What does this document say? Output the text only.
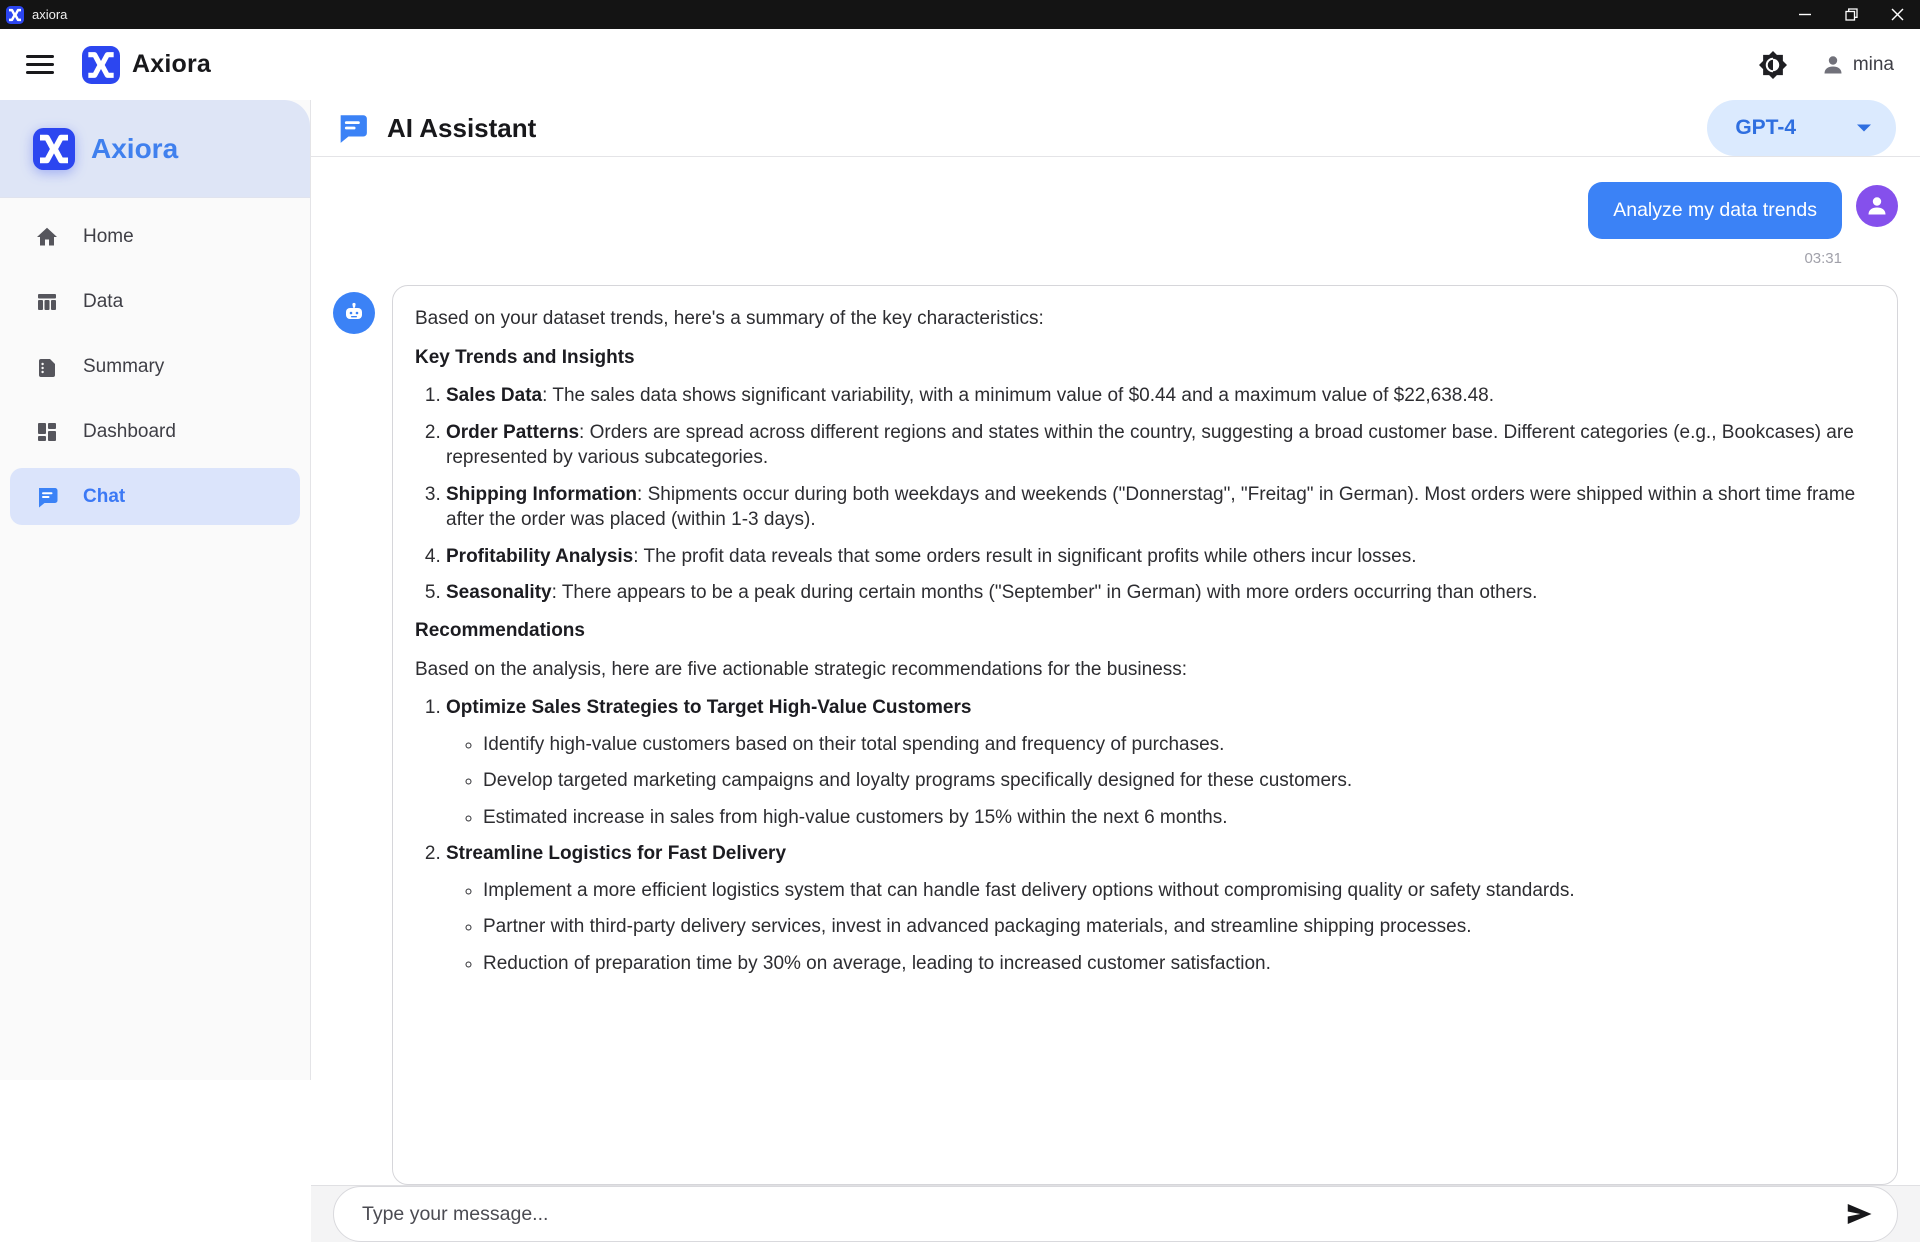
axiora
Axiora	mina
Axiora
Home
Data
Summary
Dashboard
Chat
AI Assistant	GPT-4
Analyze my data trends
03:31

Based on your dataset trends, here's a summary of the key characteristics:

Key Trends and Insights

1. Sales Data: The sales data shows significant variability, with a minimum value of $0.44 and a maximum value of $22,638.48.
2. Order Patterns: Orders are spread across different regions and states within the country, suggesting a broad customer base. Different categories (e.g., Bookcases) are represented by various subcategories.
3. Shipping Information: Shipments occur during both weekdays and weekends ("Donnerstag", "Freitag" in German). Most orders were shipped within a short time frame after the order was placed (within 1-3 days).
4. Profitability Analysis: The profit data reveals that some orders result in significant profits while others incur losses.
5. Seasonality: There appears to be a peak during certain months ("September" in German) with more orders occurring than others.

Recommendations

Based on the analysis, here are five actionable strategic recommendations for the business:

1. Optimize Sales Strategies to Target High-Value Customers
◦ Identify high-value customers based on their total spending and frequency of purchases.
◦ Develop targeted marketing campaigns and loyalty programs specifically designed for these customers.
◦ Estimated increase in sales from high-value customers by 15% within the next 6 months.
2. Streamline Logistics for Fast Delivery
◦ Implement a more efficient logistics system that can handle fast delivery options without compromising quality or safety standards.
◦ Partner with third-party delivery services, invest in advanced packaging materials, and streamline shipping processes.
◦ Reduction of preparation time by 30% on average, leading to increased customer satisfaction.
Type your message...
